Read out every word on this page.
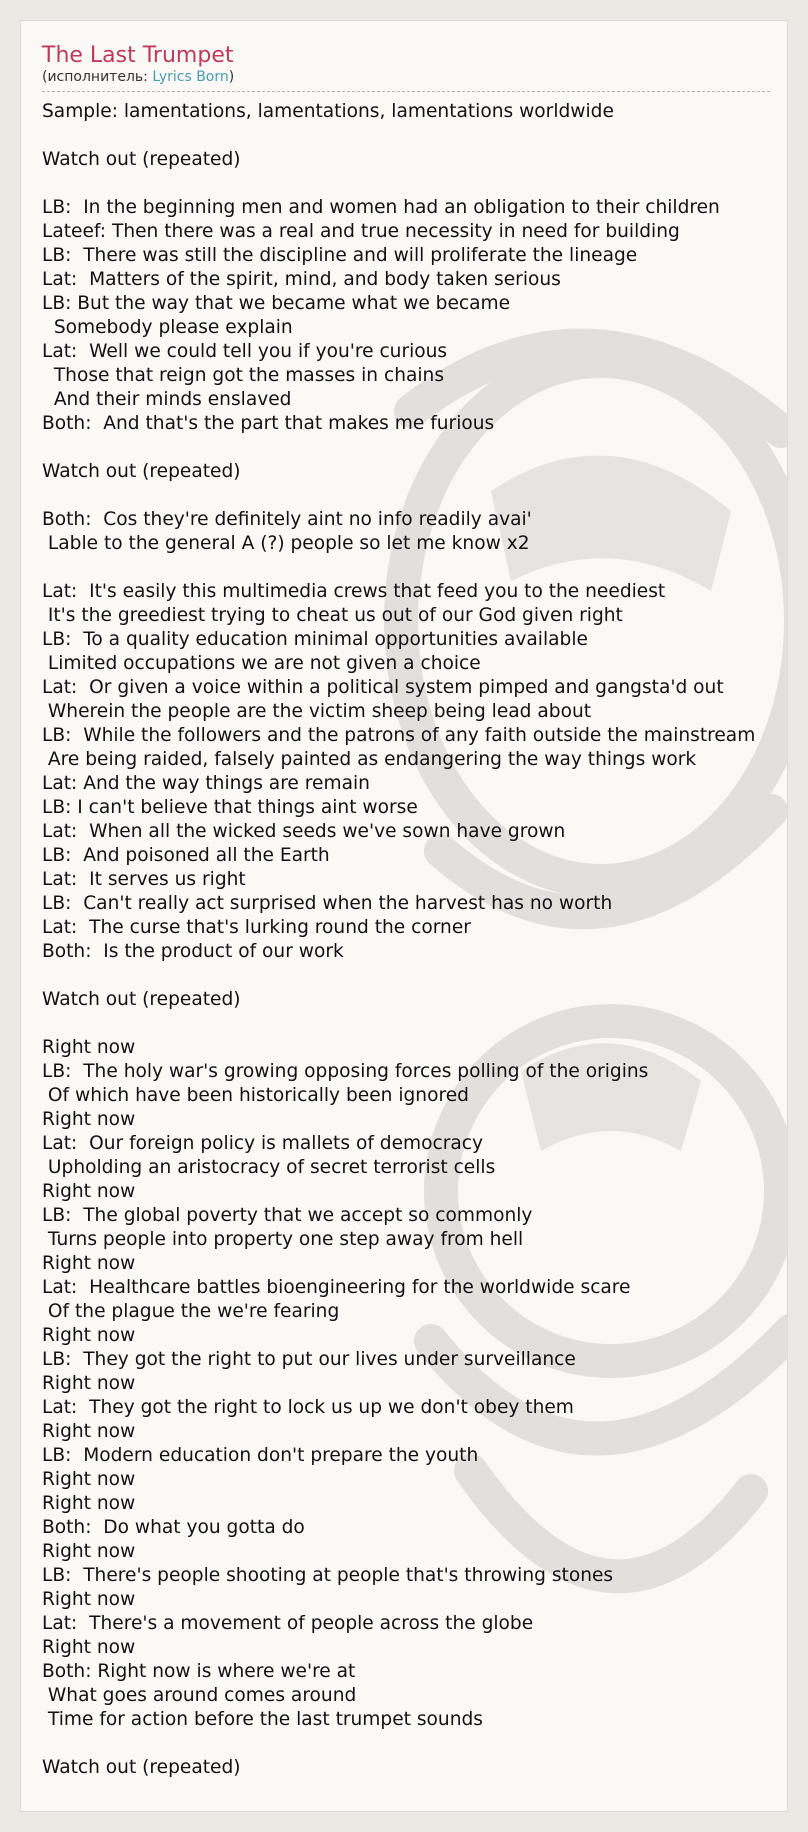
The Last Trumpet
(исполнитель: Lyrics Born)
Sample: lamentations, lamentations, lamentations worldwide
Watch out (repeated)
LB:  In the beginning men and women had an obligation to their children
Lateef: Then there was a real and true necessity in need for building
LB:  There was still the discipline and will proliferate the lineage
Lat:  Matters of the spirit, mind, and body taken serious
LB: But the way that we became what we became
Somebody please explain
Lat:  Well we could tell you if you're curious
Those that reign got the masses in chains
And their minds enslaved
Both:  And that's the part that makes me furious
Watch out (repeated)
Both:  Cos they're definitely aint no info readily avai'
Lable to the general A (?) people so let me know x2
Lat:  It's easily this multimedia crews that feed you to the neediest
It's the greediest trying to cheat us out of our God given right
LB:  To a quality education minimal opportunities available
Limited occupations we are not given a choice
Lat:  Or given a voice within a political system pimped and gangsta'd out
Wherein the people are the victim sheep being lead about
LB:  While the followers and the patrons of any faith outside the mainstream
Are being raided, falsely painted as endangering the way things work
Lat: And the way things are remain
LB: I can't believe that things aint worse
Lat:  When all the wicked seeds we've sown have grown
LB:  And poisoned all the Earth
Lat:  It serves us right
LB:  Can't really act surprised when the harvest has no worth
Lat:  The curse that's lurking round the corner
Both:  Is the product of our work
Watch out (repeated)
Right now
LB:  The holy war's growing opposing forces polling of the origins
Of which have been historically been ignored
Right now
Lat:  Our foreign policy is mallets of democracy
Upholding an aristocracy of secret terrorist cells
Right now
LB:  The global poverty that we accept so commonly
Turns people into property one step away from hell
Right now
Lat:  Healthcare battles bioengineering for the worldwide scare
Of the plague the we're fearing
Right now
LB:  They got the right to put our lives under surveillance
Right now
Lat:  They got the right to lock us up we don't obey them
Right now
LB:  Modern education don't prepare the youth
Right now
Right now
Both:  Do what you gotta do
Right now
LB:  There's people shooting at people that's throwing stones
Right now
Lat:  There's a movement of people across the globe
Right now
Both: Right now is where we're at
What goes around comes around
Time for action before the last trumpet sounds
Watch out (repeated)
